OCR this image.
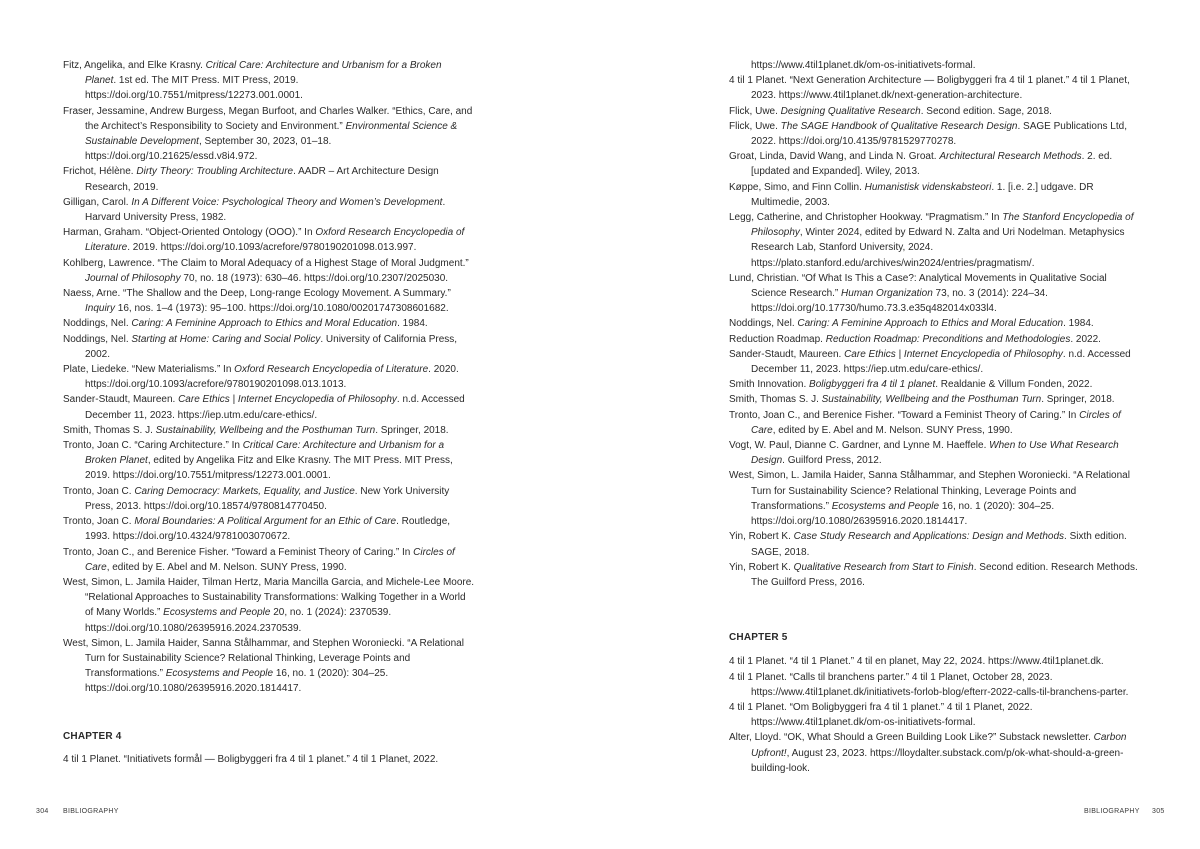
Fitz, Angelika, and Elke Krasny. Critical Care: Architecture and Urbanism for a Broken Planet. 1st ed. The MIT Press. MIT Press, 2019. https://doi.org/10.7551/mitpress/12273.001.0001.

Fraser, Jessamine, Andrew Burgess, Megan Burfoot, and Charles Walker. “Ethics, Care, and the Architect’s Responsibility to Society and Environment.” Environmental Science & Sustainable Development, September 30, 2023, 01–18. https://doi.org/10.21625/essd.v8i4.972.

Frichot, Hélène. Dirty Theory: Troubling Architecture. AADR – Art Architecture Design Research, 2019.

Gilligan, Carol. In A Different Voice: Psychological Theory and Women’s Development. Harvard University Press, 1982.

Harman, Graham. “Object-Oriented Ontology (OOO).” In Oxford Research Encyclopedia of Literature. 2019. https://doi.org/10.1093/acrefore/9780190201098.013.997.

Kohlberg, Lawrence. “The Claim to Moral Adequacy of a Highest Stage of Moral Judgment.” Journal of Philosophy 70, no. 18 (1973): 630–46. https://doi.org/10.2307/2025030.

Naess, Arne. “The Shallow and the Deep, Long-range Ecology Movement. A Summary.” Inquiry 16, nos. 1–4 (1973): 95–100. https://doi.org/10.1080/00201747308601682.

Noddings, Nel. Caring: A Feminine Approach to Ethics and Moral Education. 1984.

Noddings, Nel. Starting at Home: Caring and Social Policy. University of California Press, 2002.

Plate, Liedeke. “New Materialisms.” In Oxford Research Encyclopedia of Literature. 2020. https://doi.org/10.1093/acrefore/9780190201098.013.1013.

Sander-Staudt, Maureen. Care Ethics | Internet Encyclopedia of Philosophy. n.d. Accessed December 11, 2023. https://iep.utm.edu/care-ethics/.

Smith, Thomas S. J. Sustainability, Wellbeing and the Posthuman Turn. Springer, 2018.

Tronto, Joan C. “Caring Architecture.” In Critical Care: Architecture and Urbanism for a Broken Planet, edited by Angelika Fitz and Elke Krasny. The MIT Press. MIT Press, 2019. https://doi.org/10.7551/mitpress/12273.001.0001.

Tronto, Joan C. Caring Democracy: Markets, Equality, and Justice. New York University Press, 2013. https://doi.org/10.18574/9780814770450.

Tronto, Joan C. Moral Boundaries: A Political Argument for an Ethic of Care. Routledge, 1993. https://doi.org/10.4324/9781003070672.

Tronto, Joan C., and Berenice Fisher. “Toward a Feminist Theory of Caring.” In Circles of Care, edited by E. Abel and M. Nelson. SUNY Press, 1990.

West, Simon, L. Jamila Haider, Tilman Hertz, Maria Mancilla Garcia, and Michele-Lee Moore. “Relational Approaches to Sustainability Transformations: Walking Together in a World of Many Worlds.” Ecosystems and People 20, no. 1 (2024): 2370539. https://doi.org/10.1080/26395916.2024.2370539.

West, Simon, L. Jamila Haider, Sanna Stålhammar, and Stephen Woroniecki. “A Relational Turn for Sustainability Science? Relational Thinking, Leverage Points and Transformations.” Ecosystems and People 16, no. 1 (2020): 304–25. https://doi.org/10.1080/26395916.2020.1814417.

CHAPTER 4

4 til 1 Planet. “Initiativets formål — Boligbyggeri fra 4 til 1 planet.” 4 til 1 Planet, 2022.

304 BIBLIOGRAPHY

https://www.4til1planet.dk/om-os-initiativets-formal.

4 til 1 Planet. “Next Generation Architecture — Boligbyggeri fra 4 til 1 planet.” 4 til 1 Planet, 2023. https://www.4til1planet.dk/next-generation-architecture.

Flick, Uwe. Designing Qualitative Research. Second edition. Sage, 2018.

Flick, Uwe. The SAGE Handbook of Qualitative Research Design. SAGE Publications Ltd, 2022. https://doi.org/10.4135/9781529770278.

Groat, Linda, David Wang, and Linda N. Groat. Architectural Research Methods. 2. ed. [updated and Expanded]. Wiley, 2013.

Køppe, Simo, and Finn Collin. Humanistisk videnskabsteori. 1. [i.e. 2.] udgave. DR Multimedie, 2003.

Legg, Catherine, and Christopher Hookway. “Pragmatism.” In The Stanford Encyclopedia of Philosophy, Winter 2024, edited by Edward N. Zalta and Uri Nodelman. Metaphysics Research Lab, Stanford University, 2024. https://plato.stanford.edu/archives/win2024/entries/pragmatism/.

Lund, Christian. “Of What Is This a Case?: Analytical Movements in Qualitative Social Science Research.” Human Organization 73, no. 3 (2014): 224–34. https://doi.org/10.17730/humo.73.3.e35q482014x033l4.

Noddings, Nel. Caring: A Feminine Approach to Ethics and Moral Education. 1984.

Reduction Roadmap. Reduction Roadmap: Preconditions and Methodologies. 2022.

Sander-Staudt, Maureen. Care Ethics | Internet Encyclopedia of Philosophy. n.d. Accessed December 11, 2023. https://iep.utm.edu/care-ethics/.

Smith Innovation. Boligbyggeri fra 4 til 1 planet. Realdanie & Villum Fonden, 2022.

Smith, Thomas S. J. Sustainability, Wellbeing and the Posthuman Turn. Springer, 2018.

Tronto, Joan C., and Berenice Fisher. “Toward a Feminist Theory of Caring.” In Circles of Care, edited by E. Abel and M. Nelson. SUNY Press, 1990.

Vogt, W. Paul, Dianne C. Gardner, and Lynne M. Haeffele. When to Use What Research Design. Guilford Press, 2012.

West, Simon, L. Jamila Haider, Sanna Stålhammar, and Stephen Woroniecki. “A Relational Turn for Sustainability Science? Relational Thinking, Leverage Points and Transformations.” Ecosystems and People 16, no. 1 (2020): 304–25. https://doi.org/10.1080/26395916.2020.1814417.

Yin, Robert K. Case Study Research and Applications: Design and Methods. Sixth edition. SAGE, 2018.

Yin, Robert K. Qualitative Research from Start to Finish. Second edition. Research Methods. The Guilford Press, 2016.

CHAPTER 5

4 til 1 Planet. “4 til 1 Planet.” 4 til en planet, May 22, 2024. https://www.4til1planet.dk.

4 til 1 Planet. “Calls til branchens parter.” 4 til 1 Planet, October 28, 2023. https://www.4til1planet.dk/initiativets-forlob-blog/efterr-2022-calls-til-branchens-parter.

4 til 1 Planet. “Om Boligbyggeri fra 4 til 1 planet.” 4 til 1 Planet, 2022. https://www.4til1planet.dk/om-os-initiativets-formal.

Alter, Lloyd. “OK, What Should a Green Building Look Like?” Substack newsletter. Carbon Upfront!, August 23, 2023. https://lloydalter.substack.com/p/ok-what-should-a-green-building-look.

BIBLIOGRAPHY 305
